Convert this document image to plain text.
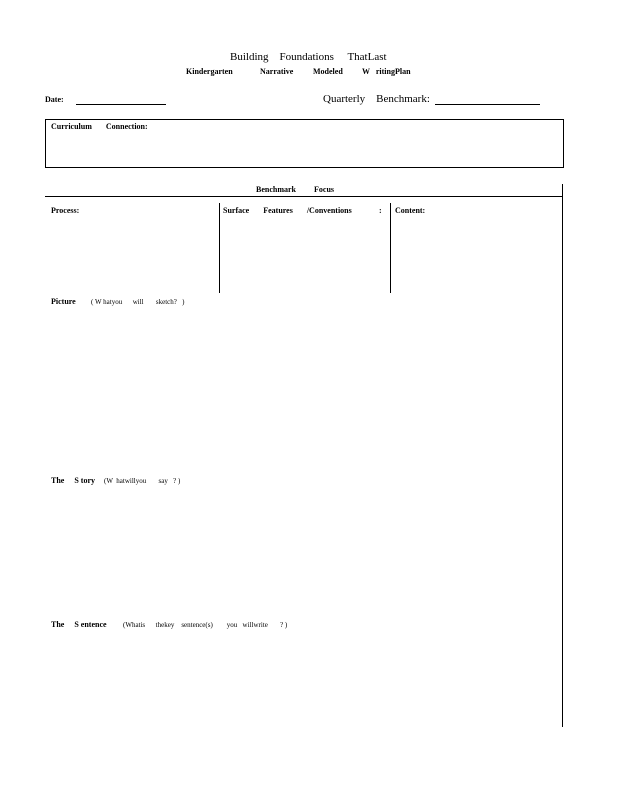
Building    Foundations     ThatLast
Kindergarten	Narrative Modeled W   ritingPlan
Date:	Quarterly    Benchmark:
Curriculum       Connection:
Benchmark         Focus
Process:	Surface       Features       /Conventions	: Content:
Picture ( W hatyou      will       sketch?   )
The     S tory (W  hatwillyou       say   ? )
The     S entence (Whatis      thekey    sentence(s)        you   willwrite       ? )
